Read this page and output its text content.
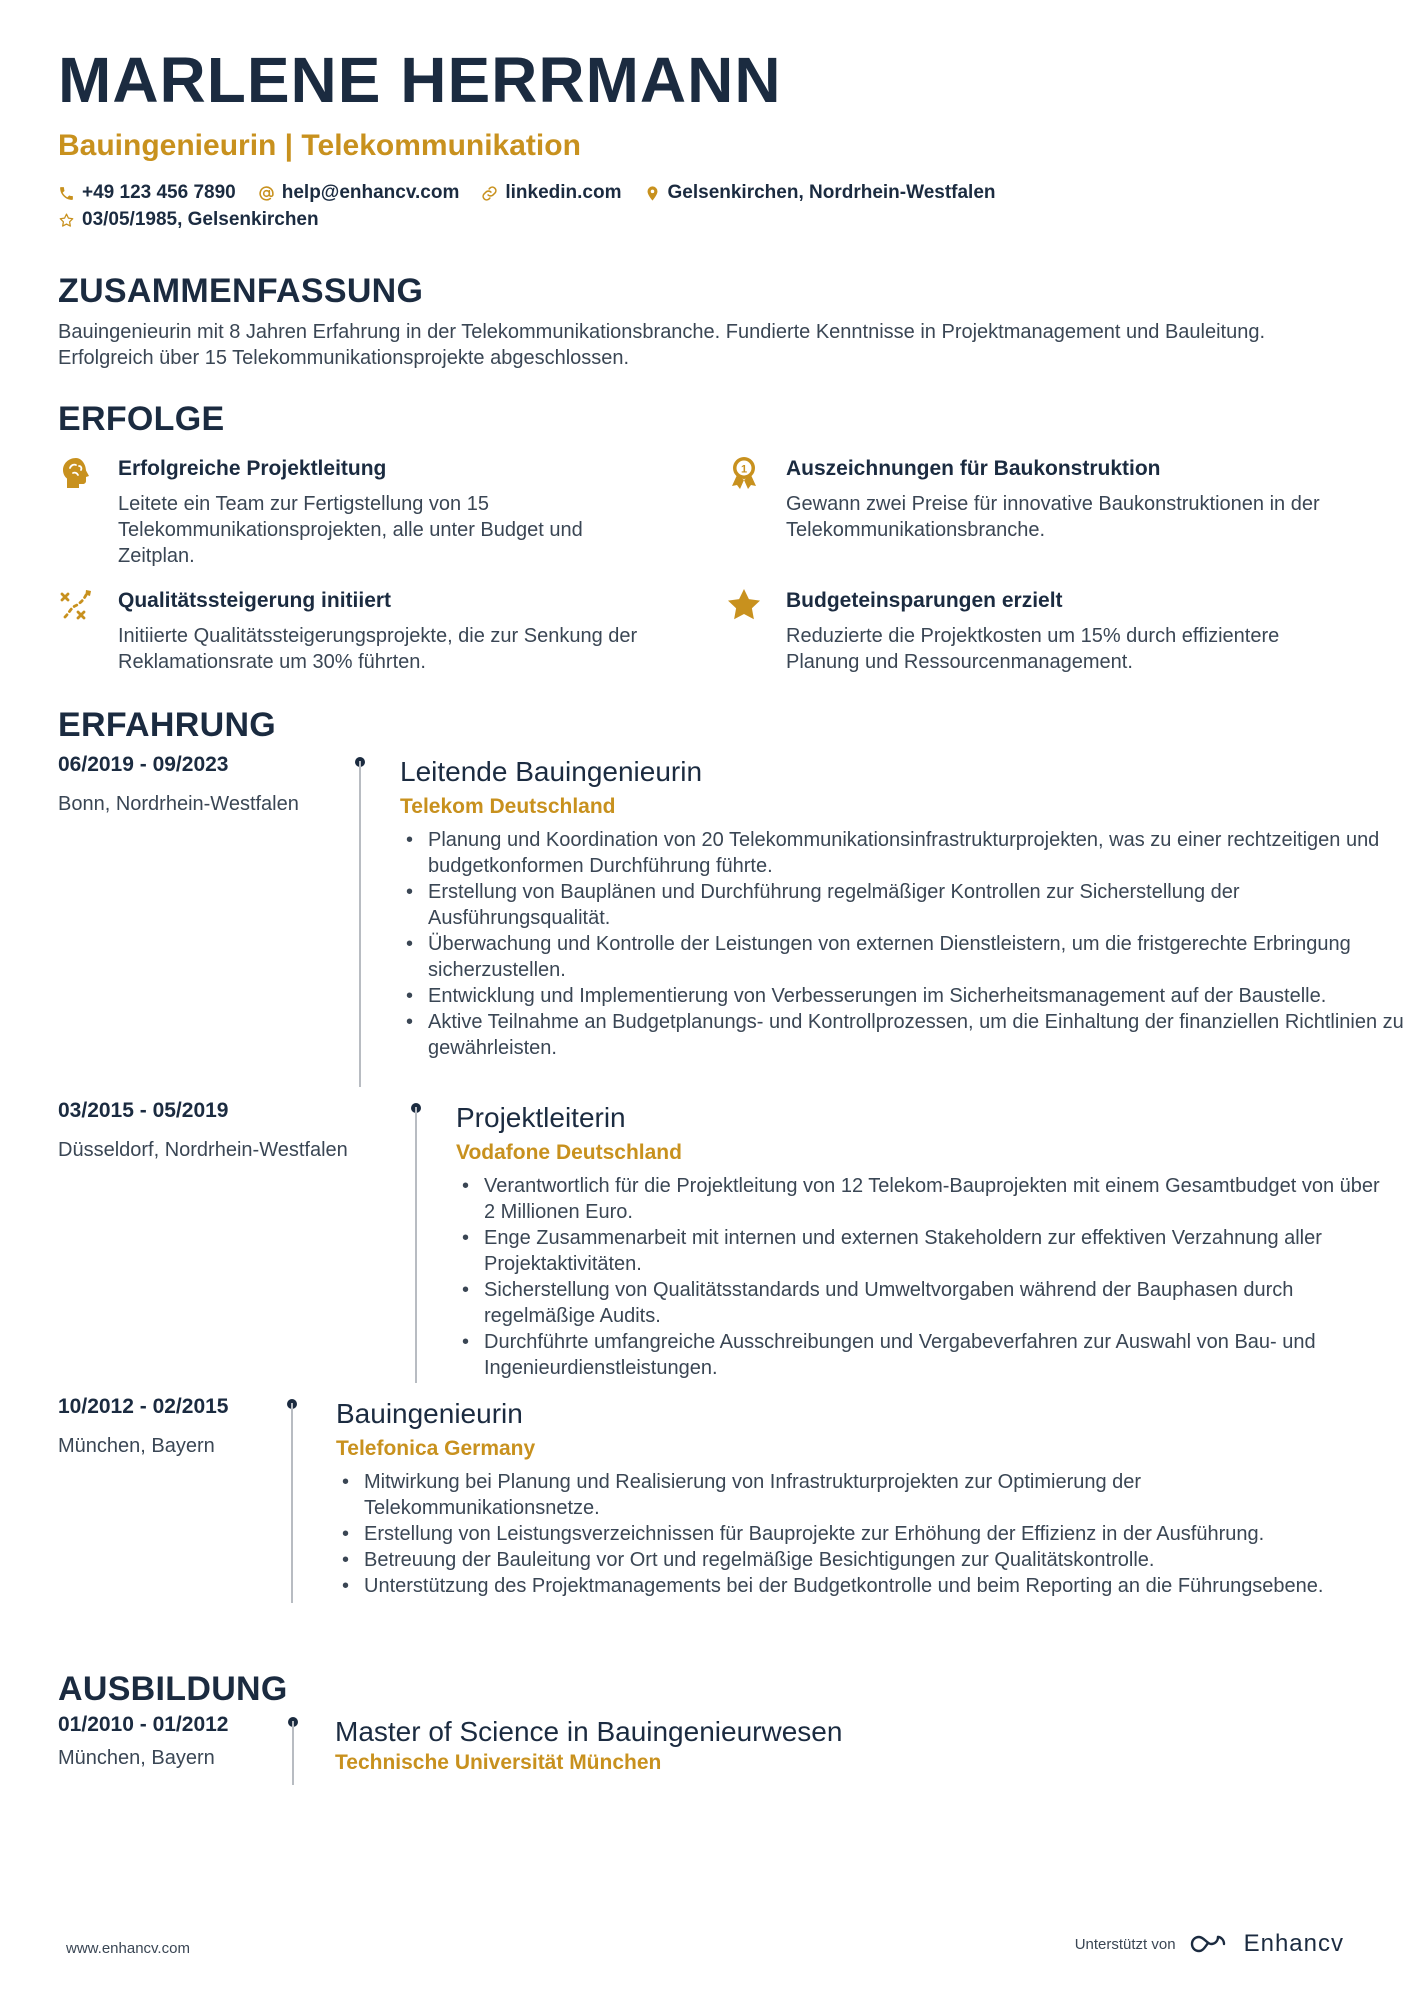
MARLENE HERRMANN
Bauingenieurin | Telekommunikation
+49 123 456 7890 help@enhancv.com linkedin.com Gelsenkirchen, Nordrhein-Westfalen
03/05/1985, Gelsenkirchen
ZUSAMMENFASSUNG
Bauingenieurin mit 8 Jahren Erfahrung in der Telekommunikationsbranche. Fundierte Kenntnisse in Projektmanagement und Bauleitung. Erfolgreich über 15 Telekommunikationsprojekte abgeschlossen.
ERFOLGE
Erfolgreiche Projektleitung
Leitete ein Team zur Fertigstellung von 15 Telekommunikationsprojekten, alle unter Budget und Zeitplan.
1 Auszeichnungen für Baukonstruktion
Gewann zwei Preise für innovative Baukonstruktionen in der Telekommunikationsbranche.
Qualitätssteigerung initiiert
Initiierte Qualitätssteigerungsprojekte, die zur Senkung der Reklamationsrate um 30% führten.
Budgeteinsparungen erzielt
Reduzierte die Projektkosten um 15% durch effizientere Planung und Ressourcenmanagement.
ERFAHRUNG
06/2019 - 09/2023
Bonn, Nordrhein-Westfalen
Leitende Bauingenieurin
Telekom Deutschland
• Planung und Koordination von 20 Telekommunikationsinfrastrukturprojekten, was zu einer rechtzeitigen und budgetkonformen Durchführung führte.
• Erstellung von Bauplänen und Durchführung regelmäßiger Kontrollen zur Sicherstellung der Ausführungsqualität.
• Überwachung und Kontrolle der Leistungen von externen Dienstleistern, um die fristgerechte Erbringung sicherzustellen.
• Entwicklung und Implementierung von Verbesserungen im Sicherheitsmanagement auf der Baustelle.
• Aktive Teilnahme an Budgetplanungs- und Kontrollprozessen, um die Einhaltung der finanziellen Richtlinien zu gewährleisten.
03/2015 - 05/2019
Düsseldorf, Nordrhein-Westfalen
Projektleiterin
Vodafone Deutschland
• Verantwortlich für die Projektleitung von 12 Telekom-Bauprojekten mit einem Gesamtbudget von über 2 Millionen Euro.
• Enge Zusammenarbeit mit internen und externen Stakeholdern zur effektiven Verzahnung aller Projektaktivitäten.
• Sicherstellung von Qualitätsstandards und Umweltvorgaben während der Bauphasen durch regelmäßige Audits.
• Durchführte umfangreiche Ausschreibungen und Vergabeverfahren zur Auswahl von Bau- und Ingenieurdienstleistungen.
10/2012 - 02/2015
München, Bayern
Bauingenieurin
Telefonica Germany
• Mitwirkung bei Planung und Realisierung von Infrastrukturprojekten zur Optimierung der Telekommunikationsnetze.
• Erstellung von Leistungsverzeichnissen für Bauprojekte zur Erhöhung der Effizienz in der Ausführung.
• Betreuung der Bauleitung vor Ort und regelmäßige Besichtigungen zur Qualitätskontrolle.
• Unterstützung des Projektmanagements bei der Budgetkontrolle und beim Reporting an die Führungsebene.
AUSBILDUNG
01/2010 - 01/2012
München, Bayern
Master of Science in Bauingenieurwesen
Technische Universität München
www.enhancv.com	Unterstützt von	Enhancv
